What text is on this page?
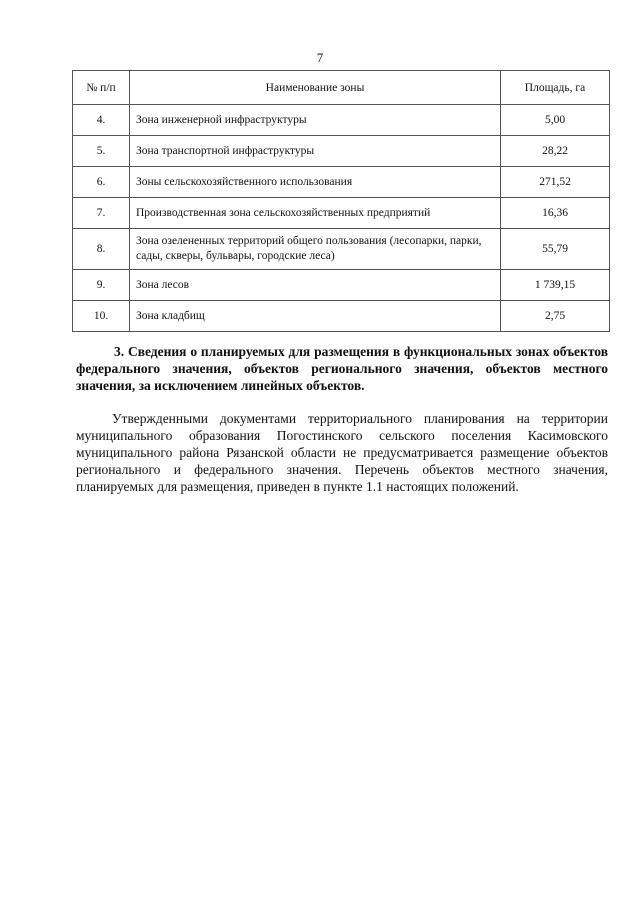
7
№ п/п	Наименование зоны	Площадь, га
4.	Зона инженерной инфраструктуры	5,00
5.	Зона транспортной инфраструктуры	28,22
6.	Зоны сельскохозяйственного использования	271,52
7.	Производственная зона сельскохозяйственных предприятий	16,36
8.	Зона озелененных территорий общего пользования (лесопарки, парки, сады, скверы, бульвары, городские леса)	55,79
9.	Зона лесов	1 739,15
10.	Зона кладбищ	2,75

3. Сведения о планируемых для размещения в функциональных зонах объектов федерального значения, объектов регионального значения, объектов местного значения, за исключением линейных объектов.

Утвержденными документами территориального планирования на территории муниципального образования Погостинского сельского поселения Касимовского муниципального района Рязанской области не предусматривается размещение объектов регионального и федерального значения. Перечень объектов местного значения, планируемых для размещения, приведен в пункте 1.1 настоящих положений.
